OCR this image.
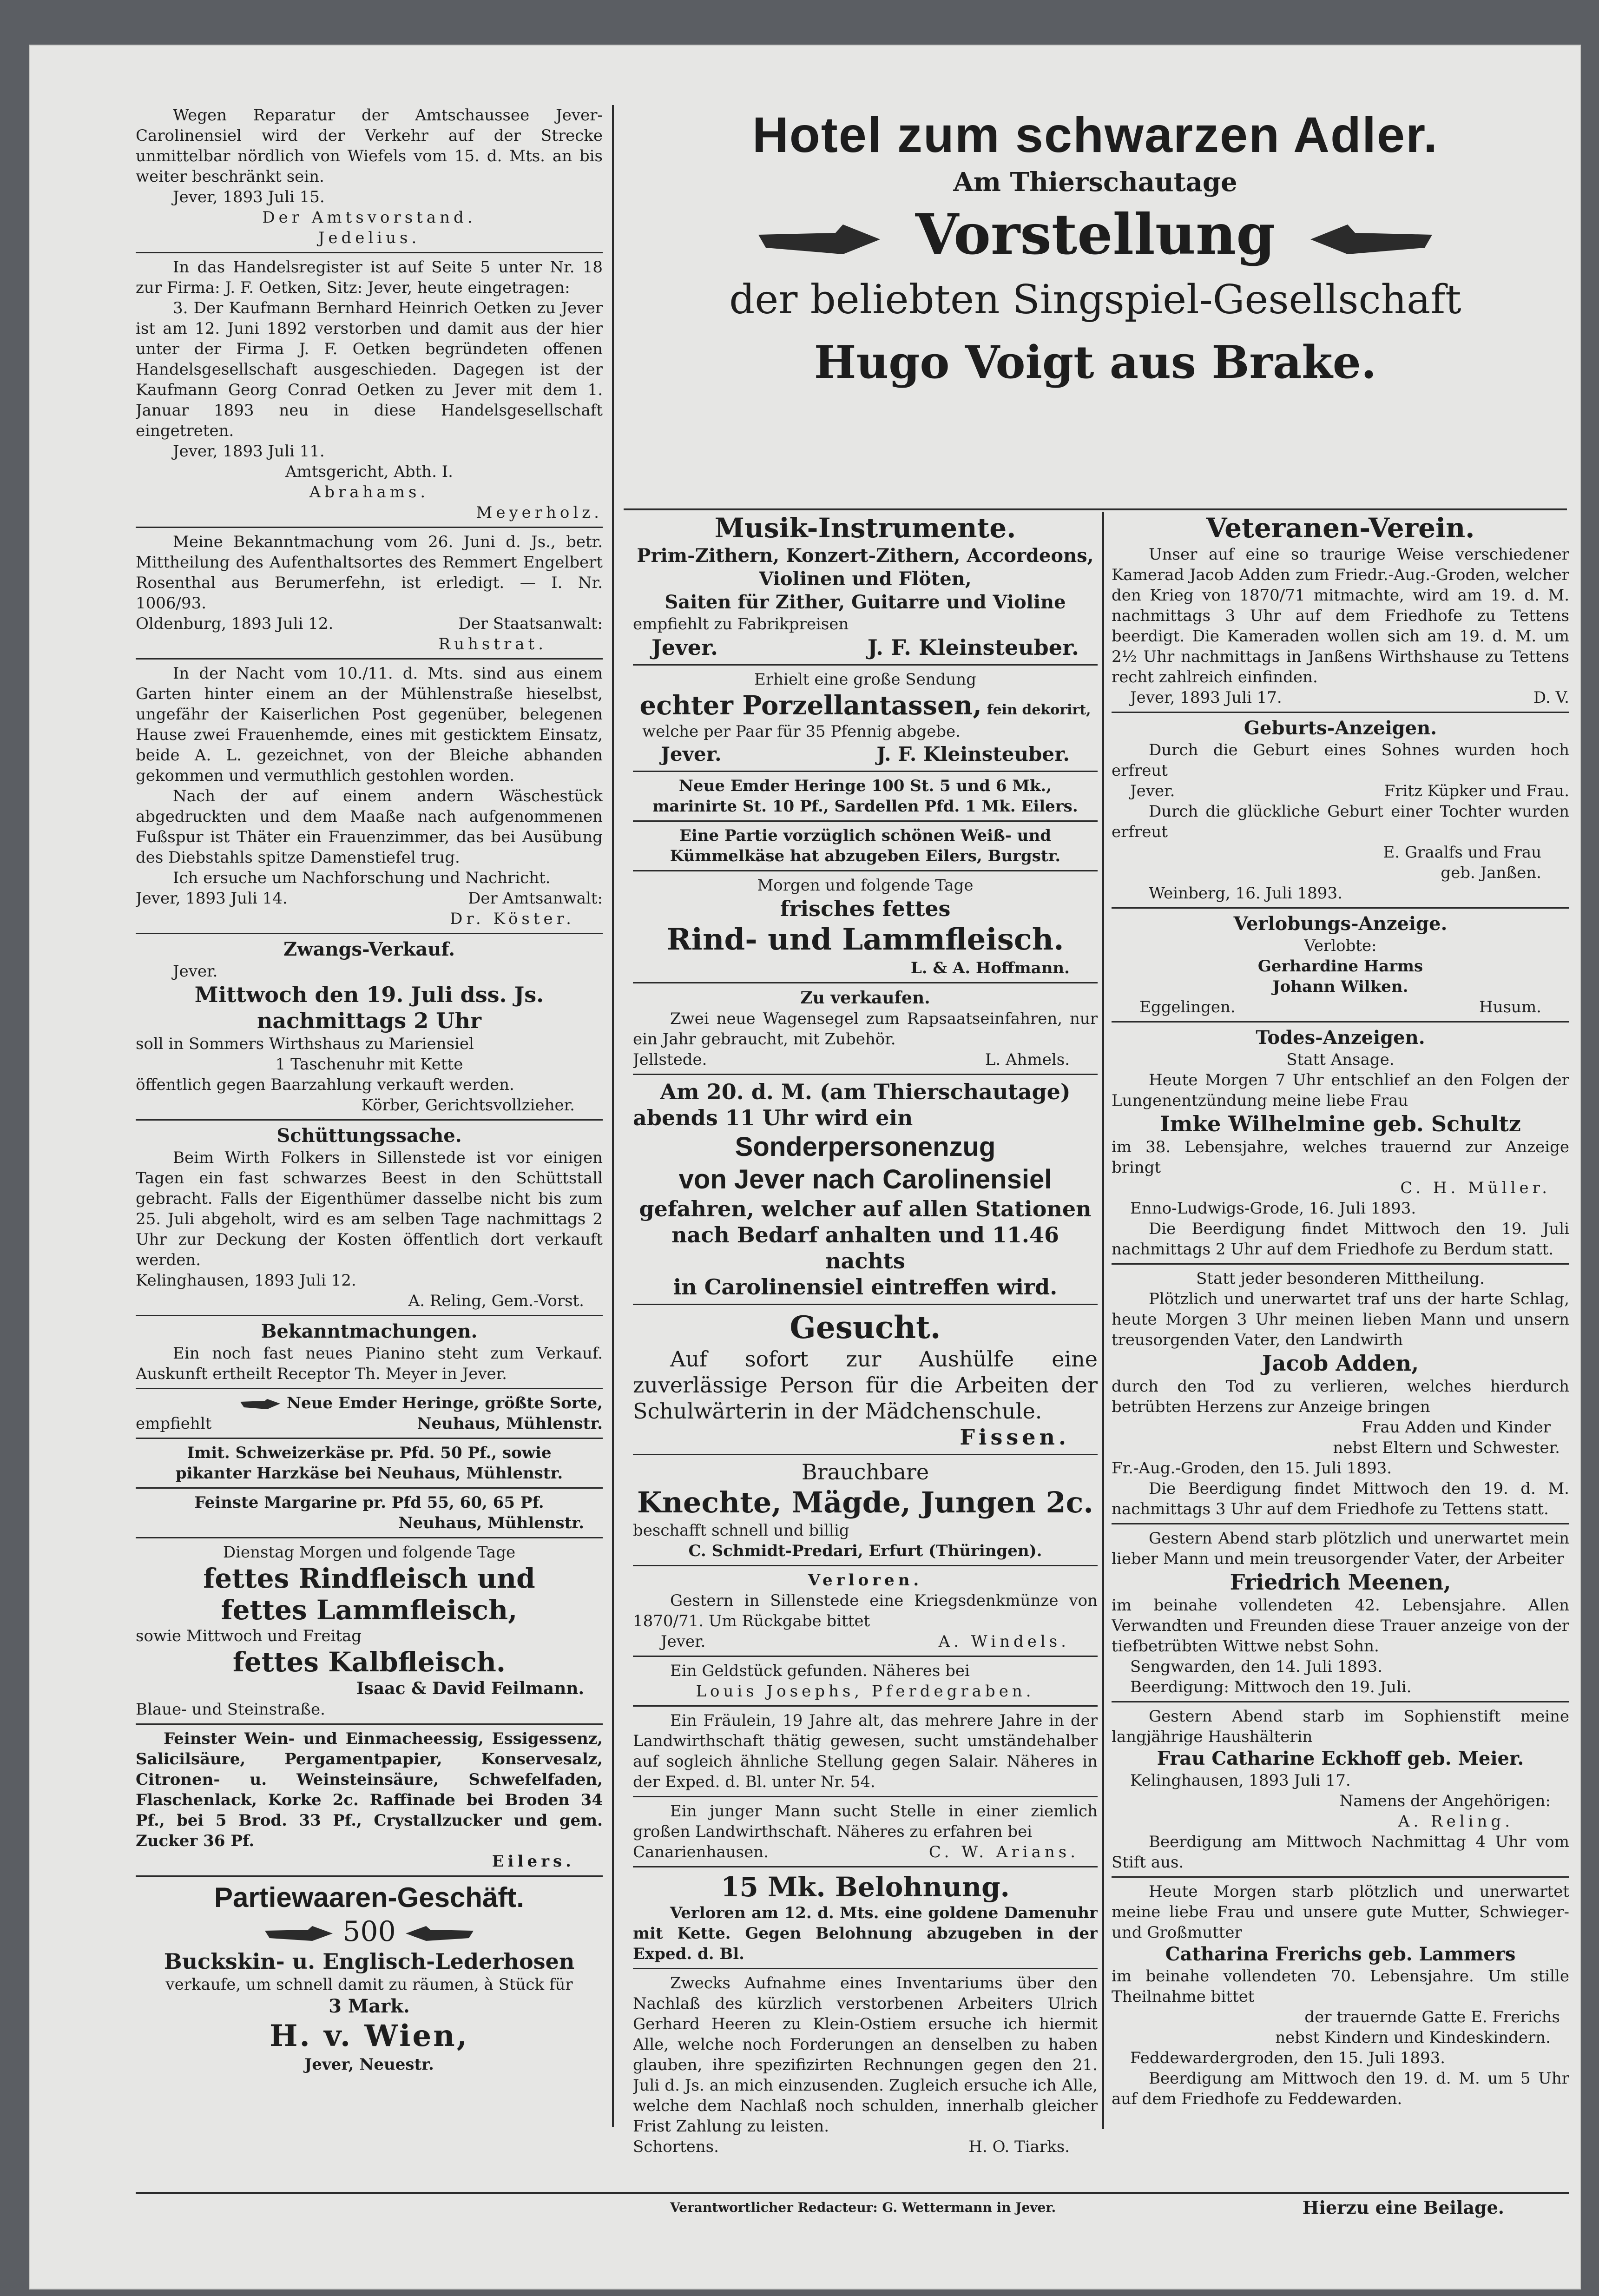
Wegen Reparatur der Amtschaussee Jever-Carolinensiel wird der Verkehr auf der Strecke unmittelbar nördlich von Wiefels vom 15. d. Mts. an bis weiter beschränkt sein.

Jever, 1893 Juli 15.

Der Amtsvorstand.

Jedelius.

In das Handelsregister ist auf Seite 5 unter Nr. 18 zur Firma: J. F. Oetken, Sitz: Jever, heute eingetragen:

3. Der Kaufmann Bernhard Heinrich Oetken zu Jever ist am 12. Juni 1892 verstorben und damit aus der hier unter der Firma J. F. Oetken begründeten offenen Handelsgesellschaft ausgeschieden. Dagegen ist der Kaufmann Georg Conrad Oetken zu Jever mit dem 1. Januar 1893 neu in diese Handelsgesellschaft eingetreten.

Jever, 1893 Juli 11.

Amtsgericht, Abth. I.

Abrahams.

Meyerholz.

Meine Bekanntmachung vom 26. Juni d. Js., betr. Mittheilung des Aufenthaltsortes des Remmert Engelbert Rosenthal aus Berumerfehn, ist erledigt. — I. Nr. 1006/93.

Oldenburg, 1893 Juli 12.	Der Staatsanwalt:

Ruhstrat.

In der Nacht vom 10./11. d. Mts. sind aus einem Garten hinter einem an der Mühlenstraße hieselbst, ungefähr der Kaiserlichen Post gegenüber, belegenen Hause zwei Frauenhemde, eines mit gesticktem Einsatz, beide A. L. gezeichnet, von der Bleiche abhanden gekommen und vermuthlich gestohlen worden.

Nach der auf einem andern Wäschestück abgedruckten und dem Maaße nach aufgenommenen Fußspur ist Thäter ein Frauenzimmer, das bei Ausübung des Diebstahls spitze Damenstiefel trug.

Ich ersuche um Nachforschung und Nachricht.

Jever, 1893 Juli 14.	Der Amtsanwalt:

Dr. Köster.

Zwangs-Verkauf.

Jever.

Mittwoch den 19. Juli dss. Js.

nachmittags 2 Uhr

soll in Sommers Wirthshaus zu Mariensiel

1 Taschenuhr mit Kette

öffentlich gegen Baarzahlung verkauft werden.

Körber, Gerichtsvollzieher.

Schüttungssache.

Beim Wirth Folkers in Sillenstede ist vor einigen Tagen ein fast schwarzes Beest in den Schüttstall gebracht. Falls der Eigenthümer dasselbe nicht bis zum 25. Juli abgeholt, wird es am selben Tage nachmittags 2 Uhr zur Deckung der Kosten öffentlich dort verkauft werden.

Kelinghausen, 1893 Juli 12.

A. Reling, Gem.-Vorst.

Bekanntmachungen.

Ein noch fast neues Pianino steht zum Verkauf. Auskunft ertheilt Receptor Th. Meyer in Jever.

Neue Emder Heringe, größte Sorte,

empfiehlt	Neuhaus, Mühlenstr.

Imit. Schweizerkäse pr. Pfd. 50 Pf., sowie

pikanter Harzkäse bei Neuhaus, Mühlenstr.

Feinste Margarine pr. Pfd 55, 60, 65 Pf.

Neuhaus, Mühlenstr.

Dienstag Morgen und folgende Tage

fettes Rindfleisch und

fettes Lammfleisch,

sowie Mittwoch und Freitag

fettes Kalbfleisch.

Isaac & David Feilmann.

Blaue- und Steinstraße.

Feinster Wein- und Einmacheessig, Essigessenz, Salicilsäure, Pergamentpapier, Konservesalz, Citronen- u. Weinsteinsäure, Schwefelfaden, Flaschenlack, Korke 2c. Raffinade bei Broden 34 Pf., bei 5 Brod. 33 Pf., Crystallzucker und gem. Zucker 36 Pf.

Eilers.

Partiewaaren-Geschäft.

500

Buckskin- u. Englisch-Lederhosen

verkaufe, um schnell damit zu räumen, à Stück für

3 Mark.

H. v. Wien,

Jever, Neuestr.

Hotel zum schwarzen Adler.

Am Thierschautage

Vorstellung

der beliebten Singspiel-Gesellschaft

Hugo Voigt aus Brake.

Musik-Instrumente.

Prim-Zithern, Konzert-Zithern, Accordeons,

Violinen und Flöten,

Saiten für Zither, Guitarre und Violine

empfiehlt zu Fabrikpreisen

Jever.	J. F. Kleinsteuber.

Erhielt eine große Sendung

echter Porzellantassen, fein dekorirt,

welche per Paar für 35 Pfennig abgebe.

Jever.	J. F. Kleinsteuber.

Neue Emder Heringe 100 St. 5 und 6 Mk.,

marinirte St. 10 Pf., Sardellen Pfd. 1 Mk. Eilers.

Eine Partie vorzüglich schönen Weiß- und

Kümmelkäse hat abzugeben Eilers, Burgstr.

Morgen und folgende Tage

frisches fettes

Rind- und Lammfleisch.

L. & A. Hoffmann.

Zu verkaufen.

Zwei neue Wagensegel zum Rapsaatseinfahren, nur ein Jahr gebraucht, mit Zubehör.

Jellstede.	L. Ahmels.

Am 20. d. M. (am Thierschautage)

abends 11 Uhr wird ein

Sonderpersonenzug

von Jever nach Carolinensiel

gefahren, welcher auf allen Stationen

nach Bedarf anhalten und 11.46 nachts

in Carolinensiel eintreffen wird.

Gesucht.

Auf sofort zur Aushülfe eine zuverlässige Person für die Arbeiten der Schulwärterin in der Mädchenschule.

Fissen.

Brauchbare

Knechte, Mägde, Jungen 2c.

beschafft schnell und billig

C. Schmidt-Predari, Erfurt (Thüringen).

Verloren.

Gestern in Sillenstede eine Kriegsdenkmünze von 1870/71. Um Rückgabe bittet

Jever.	A. Windels.

Ein Geldstück gefunden. Näheres bei

Louis Josephs, Pferdegraben.

Ein Fräulein, 19 Jahre alt, das mehrere Jahre in der Landwirthschaft thätig gewesen, sucht umständehalber auf sogleich ähnliche Stellung gegen Salair. Näheres in der Exped. d. Bl. unter Nr. 54.

Ein junger Mann sucht Stelle in einer ziemlich großen Landwirthschaft. Näheres zu erfahren bei

Canarienhausen.	C. W. Arians.

15 Mk. Belohnung.

Verloren am 12. d. Mts. eine goldene Damenuhr mit Kette. Gegen Belohnung abzugeben in der Exped. d. Bl.

Zwecks Aufnahme eines Inventariums über den Nachlaß des kürzlich verstorbenen Arbeiters Ulrich Gerhard Heeren zu Klein-Ostiem ersuche ich hiermit Alle, welche noch Forderungen an denselben zu haben glauben, ihre spezifizirten Rechnungen gegen den 21. Juli d. Js. an mich einzusenden. Zugleich ersuche ich Alle, welche dem Nachlaß noch schulden, innerhalb gleicher Frist Zahlung zu leisten.

Schortens.	H. O. Tiarks.

Veteranen-Verein.

Unser auf eine so traurige Weise verschiedener Kamerad Jacob Adden zum Friedr.-Aug.-Groden, welcher den Krieg von 1870/71 mitmachte, wird am 19. d. M. nachmittags 3 Uhr auf dem Friedhofe zu Tettens beerdigt. Die Kameraden wollen sich am 19. d. M. um 2½ Uhr nachmittags in Janßens Wirthshause zu Tettens recht zahlreich einfinden.

Jever, 1893 Juli 17.	D. V.

Geburts-Anzeigen.

Durch die Geburt eines Sohnes wurden hoch erfreut

Jever.	Fritz Küpker und Frau.

Durch die glückliche Geburt einer Tochter wurden erfreut

E. Graalfs und Frau

geb. Janßen.

Weinberg, 16. Juli 1893.

Verlobungs-Anzeige.

Verlobte:

Gerhardine Harms

Johann Wilken.

Eggelingen.	Husum.

Todes-Anzeigen.

Statt Ansage.

Heute Morgen 7 Uhr entschlief an den Folgen der Lungenentzündung meine liebe Frau

Imke Wilhelmine geb. Schultz

im 38. Lebensjahre, welches trauernd zur Anzeige bringt

C. H. Müller.

Enno-Ludwigs-Grode, 16. Juli 1893.

Die Beerdigung findet Mittwoch den 19. Juli nachmittags 2 Uhr auf dem Friedhofe zu Berdum statt.

Statt jeder besonderen Mittheilung.

Plötzlich und unerwartet traf uns der harte Schlag, heute Morgen 3 Uhr meinen lieben Mann und unsern treusorgenden Vater, den Landwirth

Jacob Adden,

durch den Tod zu verlieren, welches hierdurch betrübten Herzens zur Anzeige bringen

Frau Adden und Kinder

nebst Eltern und Schwester.

Fr.-Aug.-Groden, den 15. Juli 1893.

Die Beerdigung findet Mittwoch den 19. d. M. nachmittags 3 Uhr auf dem Friedhofe zu Tettens statt.

Gestern Abend starb plötzlich und unerwartet mein lieber Mann und mein treusorgender Vater, der Arbeiter

Friedrich Meenen,

im beinahe vollendeten 42. Lebensjahre. Allen Verwandten und Freunden diese Trauer anzeige von der tiefbetrübten Wittwe nebst Sohn.

Sengwarden, den 14. Juli 1893.

Beerdigung: Mittwoch den 19. Juli.

Gestern Abend starb im Sophienstift meine langjährige Haushälterin

Frau Catharine Eckhoff geb. Meier.

Kelinghausen, 1893 Juli 17.

Namens der Angehörigen:

A. Reling.

Beerdigung am Mittwoch Nachmittag 4 Uhr vom Stift aus.

Heute Morgen starb plötzlich und unerwartet meine liebe Frau und unsere gute Mutter, Schwieger- und Großmutter

Catharina Frerichs geb. Lammers

im beinahe vollendeten 70. Lebensjahre. Um stille Theilnahme bittet

der trauernde Gatte E. Frerichs

nebst Kindern und Kindeskindern.

Feddewardergroden, den 15. Juli 1893.

Beerdigung am Mittwoch den 19. d. M. um 5 Uhr auf dem Friedhofe zu Feddewarden.

Verantwortlicher Redacteur: G. Wettermann in Jever.	Hierzu eine Beilage.
